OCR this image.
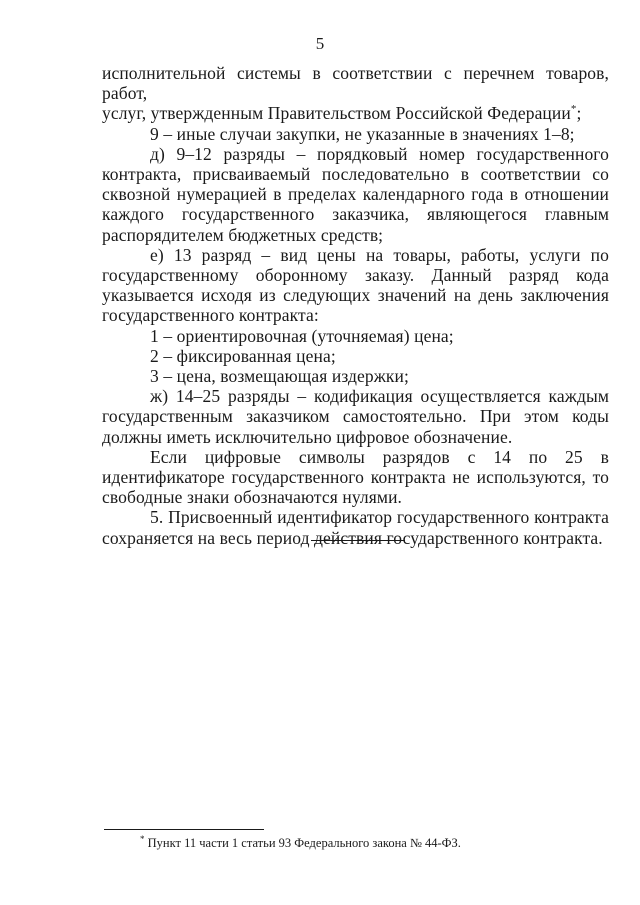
5

исполнительной системы в соответствии с перечнем товаров, работ,

услуг, утвержденным Правительством Российской Федерации*;

9 – иные случаи закупки, не указанные в значениях 1–8;

д) 9–12 разряды – порядковый номер государственного контракта, присваиваемый последовательно в соответствии со сквозной нумерацией в пределах календарного года в отношении каждого государственного заказчика, являющегося главным распорядителем бюджетных средств;

е) 13 разряд – вид цены на товары, работы, услуги по государственному оборонному заказу. Данный разряд кода указывается исходя из следующих значений на день заключения государственного контракта:

1 – ориентировочная (уточняемая) цена;

2 – фиксированная цена;

3 – цена, возмещающая издержки;

ж) 14–25 разряды – кодификация осуществляется каждым государственным заказчиком самостоятельно. При этом коды должны иметь исключительно цифровое обозначение.

Если цифровые символы разрядов с 14 по 25 в идентификаторе государственного контракта не используются, то свободные знаки обозначаются нулями.

5. Присвоенный идентификатор государственного контракта сохраняется на весь период действия государственного контракта.

* Пункт 11 части 1 статьи 93 Федерального закона № 44-ФЗ.
